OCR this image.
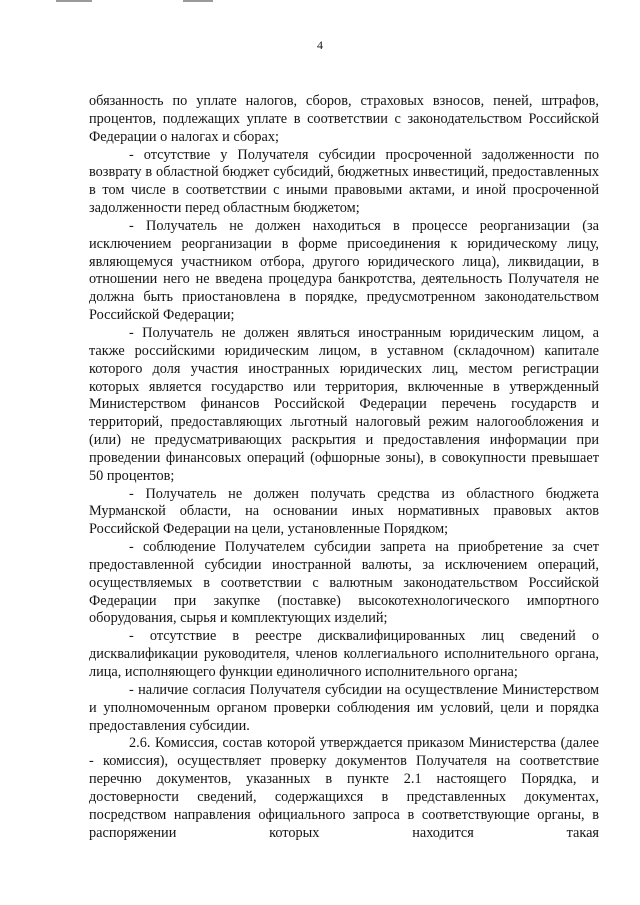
4

обязанность по уплате налогов, сборов, страховых взносов, пеней, штрафов, процентов, подлежащих уплате в соответствии с законодательством Российской Федерации о налогах и сборах;

- отсутствие у Получателя субсидии просроченной задолженности по возврату в областной бюджет субсидий, бюджетных инвестиций, предоставленных в том числе в соответствии с иными правовыми актами, и иной просроченной задолженности перед областным бюджетом;

- Получатель не должен находиться в процессе реорганизации (за исключением реорганизации в форме присоединения к юридическому лицу, являющемуся участником отбора, другого юридического лица), ликвидации, в отношении него не введена процедура банкротства, деятельность Получателя не должна быть приостановлена в порядке, предусмотренном законодательством Российской Федерации;

- Получатель не должен являться иностранным юридическим лицом, а также российскими юридическим лицом, в уставном (складочном) капитале которого доля участия иностранных юридических лиц, местом регистрации которых является государство или территория, включенные в утвержденный Министерством финансов Российской Федерации перечень государств и территорий, предоставляющих льготный налоговый режим налогообложения и (или) не предусматривающих раскрытия и предоставления информации при проведении финансовых операций (офшорные зоны), в совокупности превышает 50 процентов;

- Получатель не должен получать средства из областного бюджета Мурманской области, на основании иных нормативных правовых актов Российской Федерации на цели, установленные Порядком;

- соблюдение Получателем субсидии запрета на приобретение за счет предоставленной субсидии иностранной валюты, за исключением операций, осуществляемых в соответствии с валютным законодательством Российской Федерации при закупке (поставке) высокотехнологического импортного оборудования, сырья и комплектующих изделий;

- отсутствие в реестре дисквалифицированных лиц сведений о дисквалификации руководителя, членов коллегиального исполнительного органа, лица, исполняющего функции единоличного исполнительного органа;

- наличие согласия Получателя субсидии на осуществление Министерством и уполномоченным органом проверки соблюдения им условий, цели и порядка предоставления субсидии.

2.6. Комиссия, состав которой утверждается приказом Министерства (далее - комиссия), осуществляет проверку документов Получателя на соответствие перечню документов, указанных в пункте 2.1 настоящего Порядка, и достоверности сведений, содержащихся в представленных документах, посредством направления официального запроса в соответствующие органы, в распоряжении которых находится такая
